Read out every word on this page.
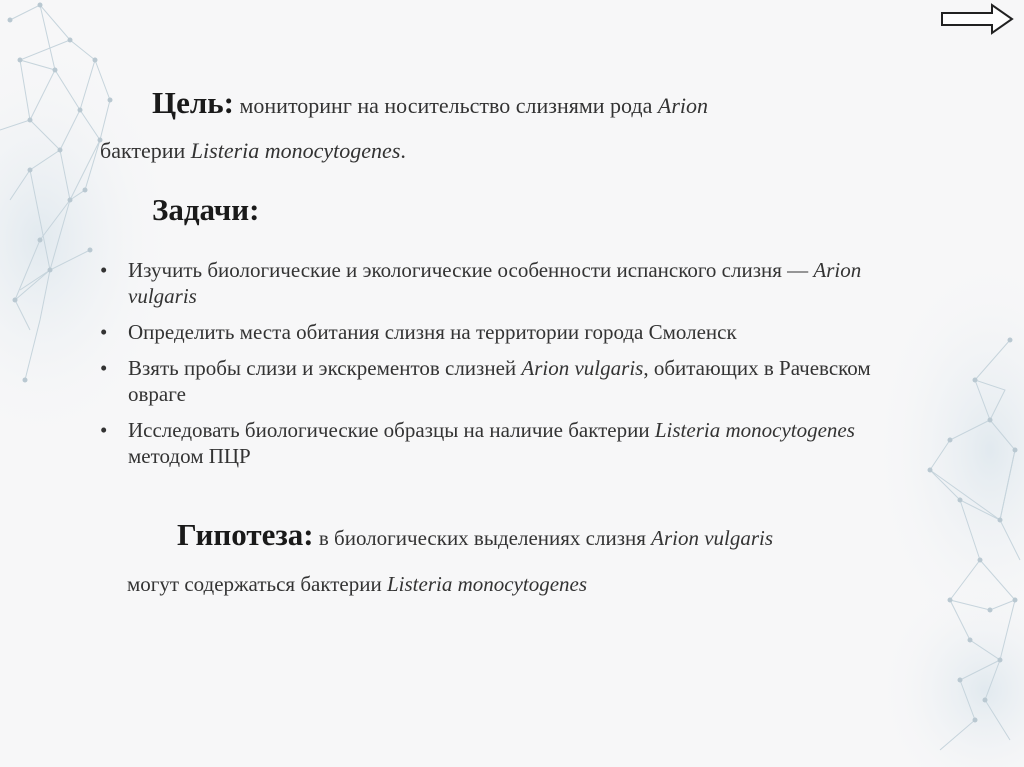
Цель: мониторинг на носительство слизнями рода Arion
бактерии Listeria monocytogenes.
Задачи:
• Изучить биологические и экологические особенности испанского слизня — Arion vulgaris
• Определить места обитания слизня на территории города Смоленск
• Взять пробы слизи и экскрементов слизней Arion vulgaris, обитающих в Рачевском овраге
• Исследовать биологические образцы на наличие бактерии Listeria monocytogenes методом ПЦР
Гипотеза: в биологических выделениях слизня Arion vulgaris
могут содержаться бактерии Listeria monocytogenes
